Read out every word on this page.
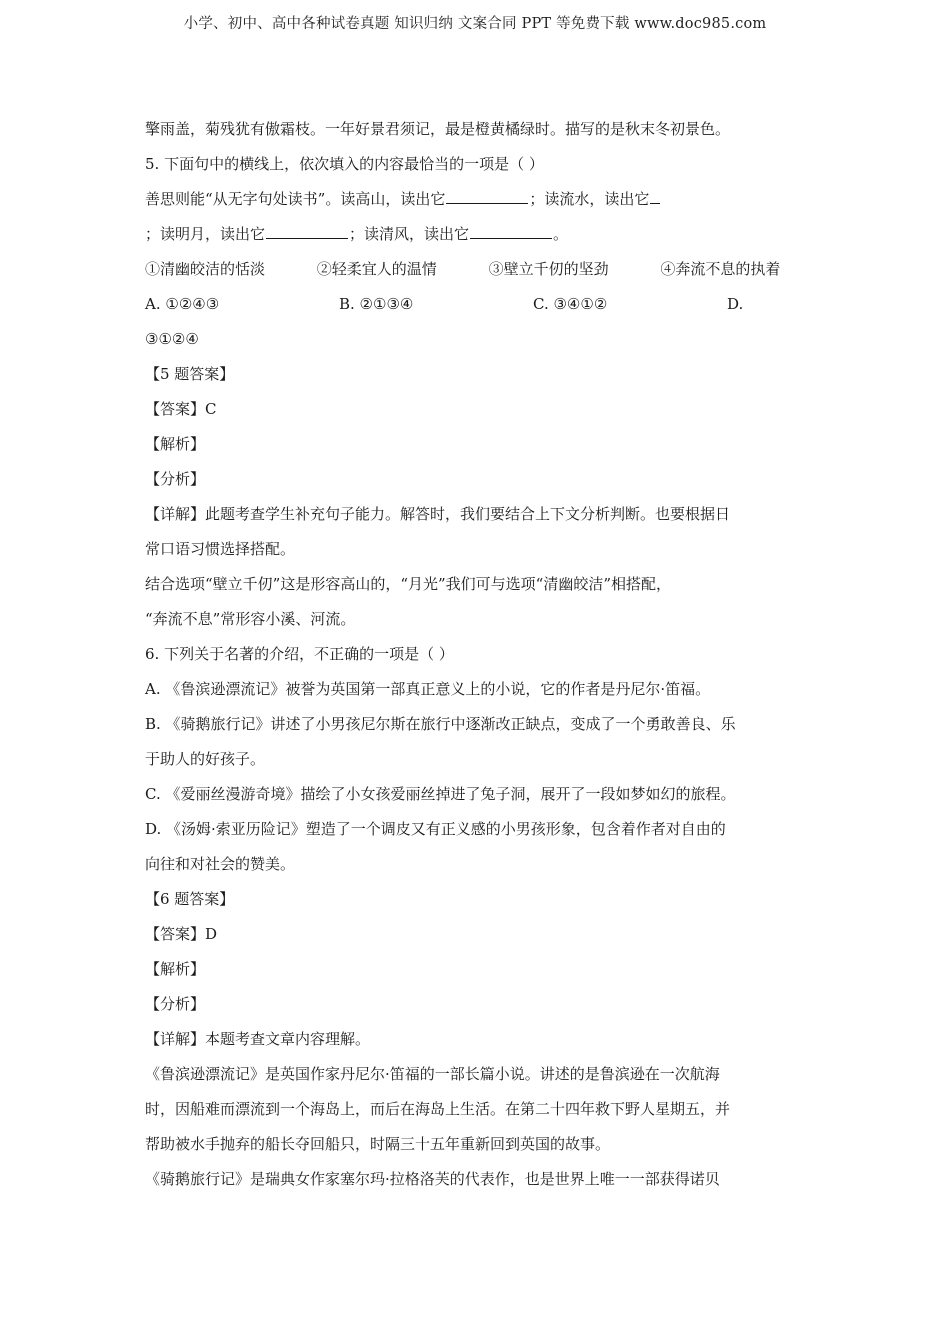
小学、初中、高中各种试卷真题 知识归纳 文案合同 PPT 等免费下载 www.doc985.com
擎雨盖，菊残犹有傲霜枝。一年好景君须记，最是橙黄橘绿时。描写的是秋末冬初景色。
5. 下面句中的横线上，依次填入的内容最恰当的一项是（ ）
善思则能“从无字句处读书”。读高山，读出它	；读流水，读出它
；读明月，读出它	；读清风，读出它	。
①清幽皎洁的恬淡	②轻柔宜人的温情	③壁立千仞的坚劲	④奔流不息的执着
A. ①②④③	B. ②①③④	C. ③④①②	D.
③①②④
【5 题答案】
【答案】C
【解析】
【分析】
【详解】此题考查学生补充句子能力。解答时，我们要结合上下文分析判断。也要根据日
常口语习惯选择搭配。
结合选项“壁立千仞”这是形容高山的，“月光”我们可与选项“清幽皎洁”相搭配，
“奔流不息”常形容小溪、河流。
6. 下列关于名著的介绍，不正确的一项是（ ）
A. 《鲁滨逊漂流记》被誉为英国第一部真正意义上的小说，它的作者是丹尼尔·笛福。
B. 《骑鹅旅行记》讲述了小男孩尼尔斯在旅行中逐渐改正缺点，变成了一个勇敢善良、乐
于助人的好孩子。
C. 《爱丽丝漫游奇境》描绘了小女孩爱丽丝掉进了兔子洞，展开了一段如梦如幻的旅程。
D. 《汤姆·索亚历险记》塑造了一个调皮又有正义感的小男孩形象，包含着作者对自由的
向往和对社会的赞美。
【6 题答案】
【答案】D
【解析】
【分析】
【详解】本题考查文章内容理解。
《鲁滨逊漂流记》是英国作家丹尼尔·笛福的一部长篇小说。讲述的是鲁滨逊在一次航海
时，因船难而漂流到一个海岛上，而后在海岛上生活。在第二十四年救下野人星期五，并
帮助被水手抛弃的船长夺回船只，时隔三十五年重新回到英国的故事。
《骑鹅旅行记》是瑞典女作家塞尔玛·拉格洛芙的代表作，也是世界上唯一一部获得诺贝
